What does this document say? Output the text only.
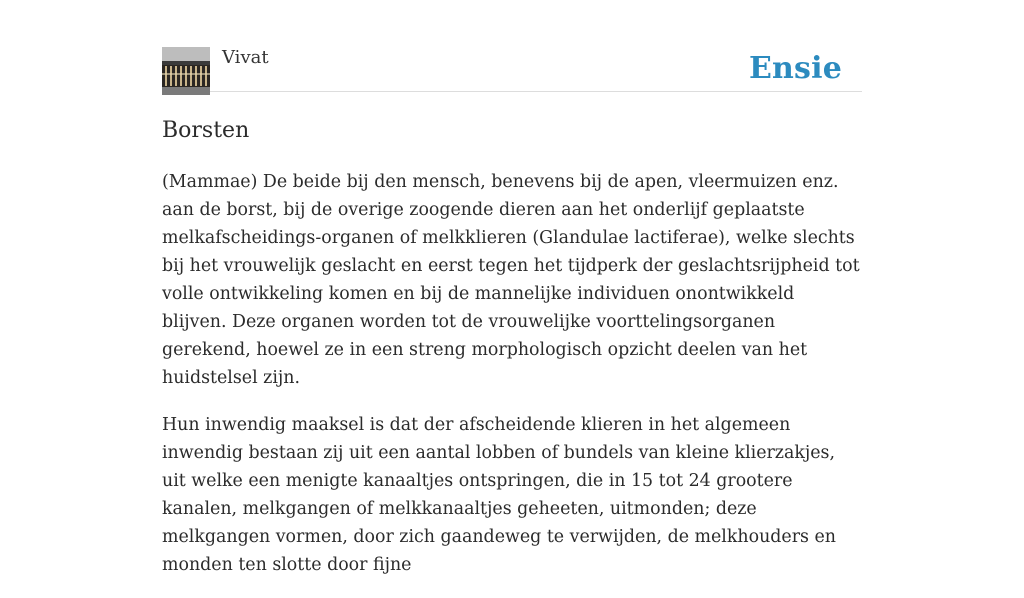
Vivat	Ensie
Borsten

(Mammae) De beide bij den mensch, benevens bij de apen, vleermuizen enz. aan de borst, bij de overige zoogende dieren aan het onderlijf geplaatste melkafscheidings-organen of melkklieren (Glandulae lactiferae), welke slechts bij het vrouwelijk geslacht en eerst tegen het tijdperk der geslachtsrijpheid tot volle ontwikkeling komen en bij de mannelijke individuen onontwikkeld blijven. Deze organen worden tot de vrouwelijke voorttelingsorganen gerekend, hoewel ze in een streng morphologisch opzicht deelen van het huidstelsel zijn.

Hun inwendig maaksel is dat der afscheidende klieren in het algemeen inwendig bestaan zij uit een aantal lobben of bundels van kleine klierzakjes, uit welke een menigte kanaaltjes ontspringen, die in 15 tot 24 grootere kanalen, melkgangen of melkkanaaltjes geheeten, uitmonden; deze melkgangen vormen, door zich gaandeweg te verwijden, de melkhouders en monden ten slotte door fijne
